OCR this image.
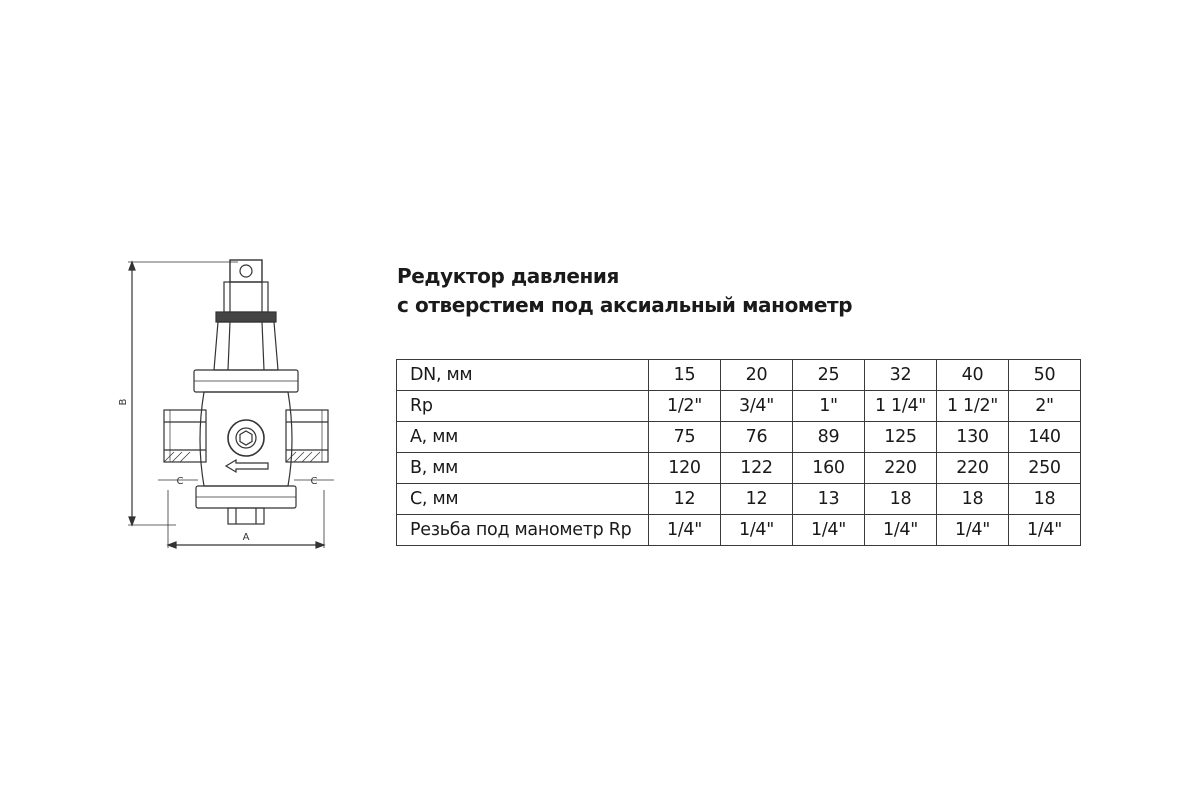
B
A
C	C
Редуктор давления
с отверстием под аксиальный манометр
DN, мм	15	20	25	32	40	50
Rp	1/2"	3/4"	1"	1 1/4"	1 1/2"	2"
A, мм	75	76	89	125	130	140
B, мм	120	122	160	220	220	250
C, мм	12	12	13	18	18	18
Резьба под манометр Rp	1/4"	1/4"	1/4"	1/4"	1/4"	1/4"
